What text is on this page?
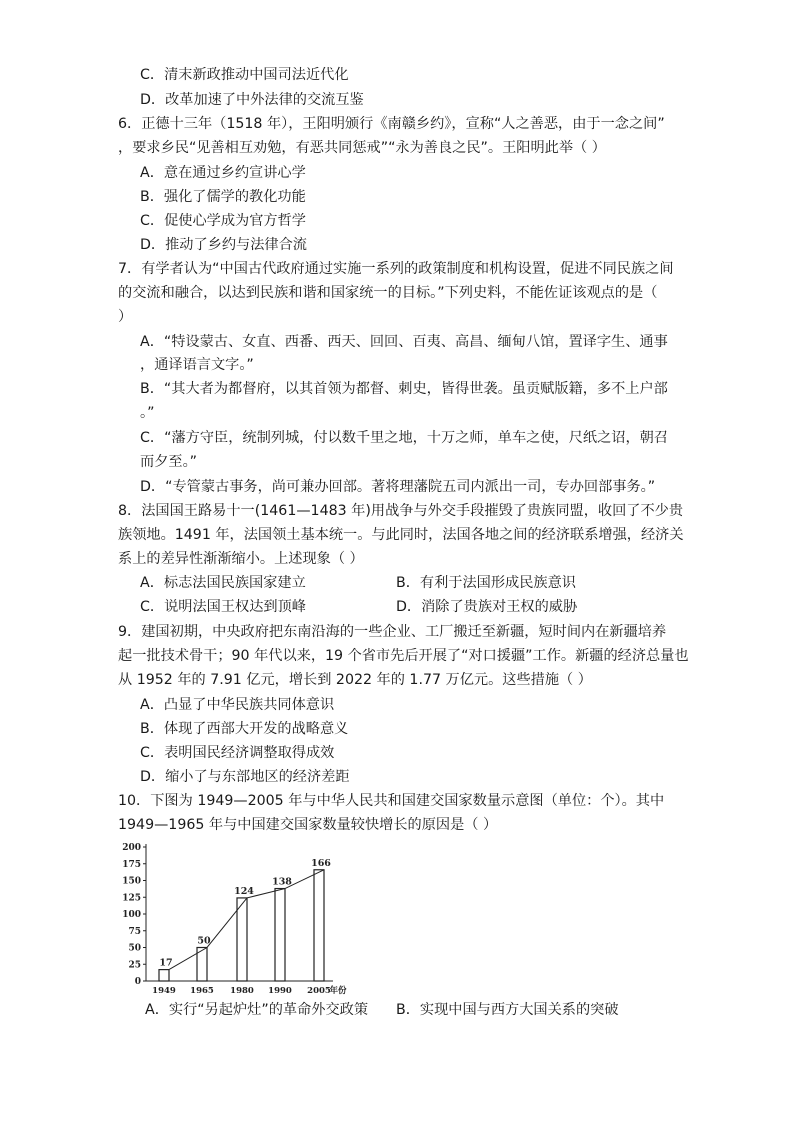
C．清末新政推动中国司法近代化
D．改革加速了中外法律的交流互鉴
6．正德十三年（1518 年），王阳明颁行《南赣乡约》，宣称“人之善恶，由于一念之间”
，要求乡民“见善相互劝勉，有恶共同惩戒”“永为善良之民”。王阳明此举（ ）
A．意在通过乡约宣讲心学
B．强化了儒学的教化功能
C．促使心学成为官方哲学
D．推动了乡约与法律合流
7．有学者认为“中国古代政府通过实施一系列的政策制度和机构设置，促进不同民族之间
的交流和融合，以达到民族和谐和国家统一的目标。”下列史料，不能佐证该观点的是（
）
A．“特设蒙古、女直、西番、西天、回回、百夷、高昌、缅甸八馆，置译字生、通事
，通译语言文字。”
B．“其大者为都督府，以其首领为都督、刺史，皆得世袭。虽贡赋版籍，多不上户部
。”
C．“藩方守臣，统制列城，付以数千里之地，十万之师，单车之使，尺纸之诏，朝召
而夕至。”
D．“专管蒙古事务，尚可兼办回部。著将理藩院五司内派出一司，专办回部事务。”
8．法国国王路易十一(1461—1483 年)用战争与外交手段摧毁了贵族同盟，收回了不少贵
族领地。1491 年，法国领土基本统一。与此同时，法国各地之间的经济联系增强，经济关
系上的差异性渐渐缩小。上述现象（ ）
A．标志法国民族国家建立	B．有利于法国形成民族意识
C．说明法国王权达到顶峰	D．消除了贵族对王权的威胁
9．建国初期，中央政府把东南沿海的一些企业、工厂搬迁至新疆，短时间内在新疆培养
起一批技术骨干；90 年代以来，19 个省市先后开展了“对口援疆”工作。新疆的经济总量也
从 1952 年的 7.91 亿元，增长到 2022 年的 1.77 万亿元。这些措施（ ）
A．凸显了中华民族共同体意识
B．体现了西部大开发的战略意义
C．表明国民经济调整取得成效
D．缩小了与东部地区的经济差距
10．下图为 1949—2005 年与中华人民共和国建交国家数量示意图（单位：个）。其中
1949—1965 年与中国建交国家数量较快增长的原因是（ ）
0
25
50
75
100
125
150
175
200
17
1949
50
1965
124
1980
138
1990
166
2005
年份
A．实行“另起炉灶”的革命外交政策 B．实现中国与西方大国关系的突破
